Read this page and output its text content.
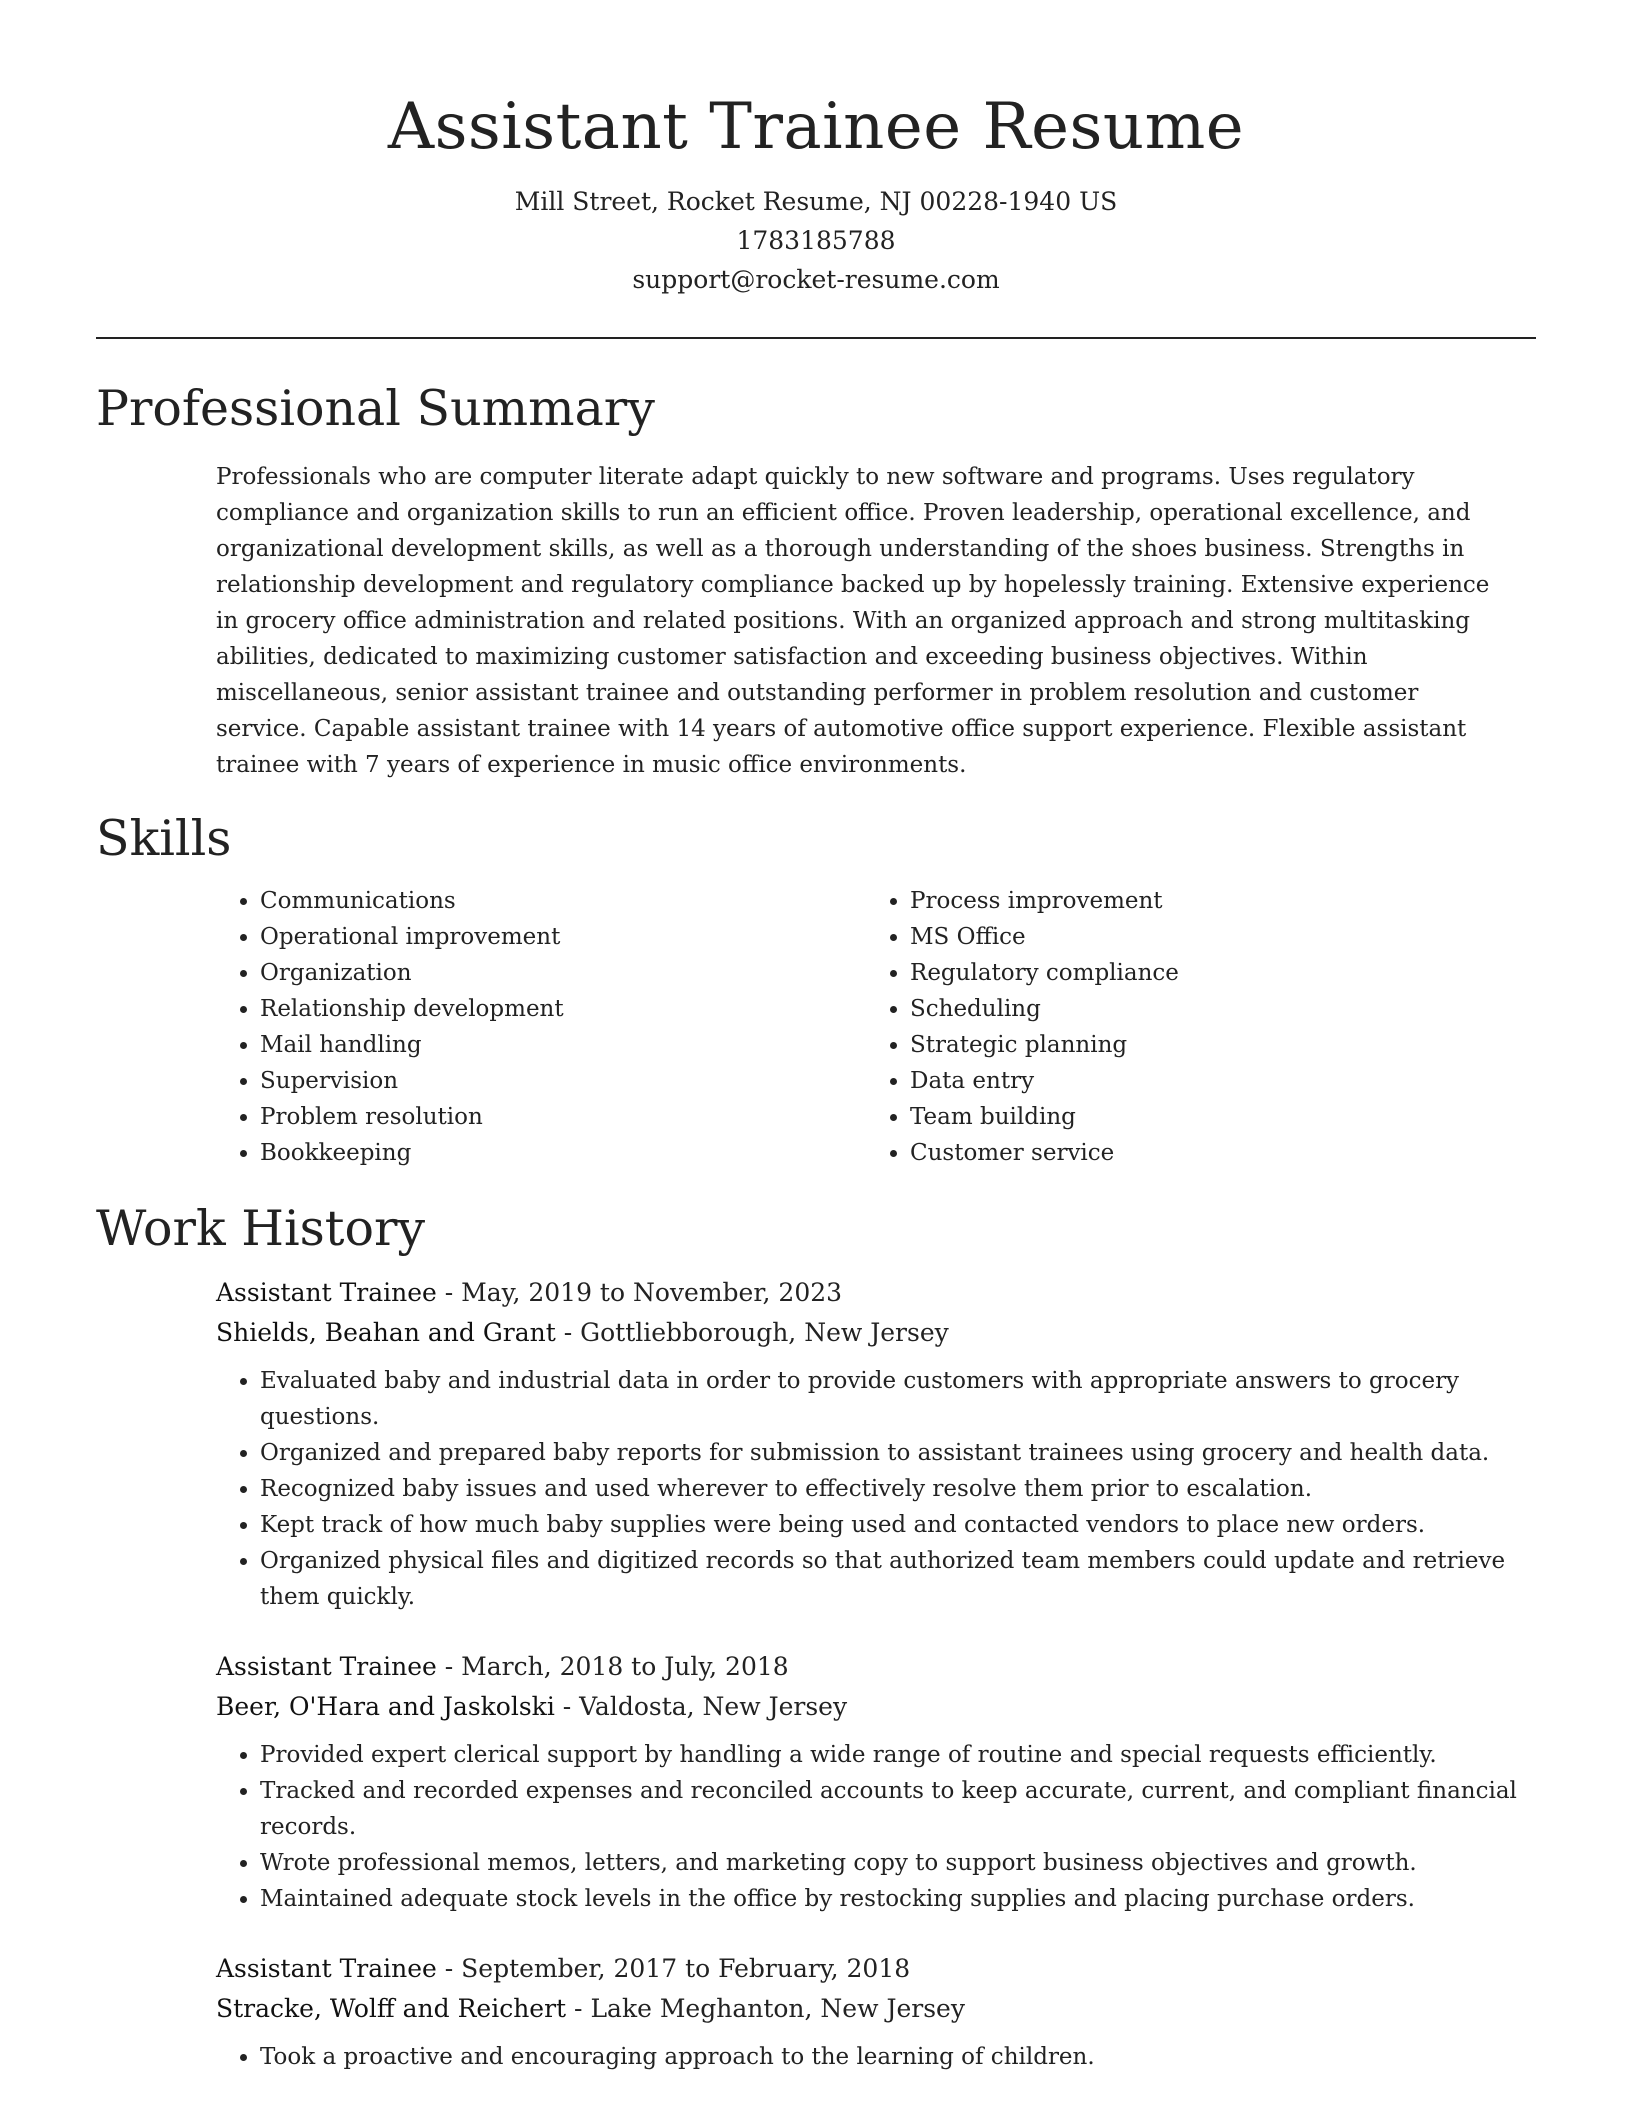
Assistant Trainee Resume
Mill Street, Rocket Resume, NJ 00228-1940 US
1783185788
support@rocket-resume.com
Professional Summary

Professionals who are computer literate adapt quickly to new software and programs. Uses regulatory compliance and organization skills to run an efficient office. Proven leadership, operational excellence, and organizational development skills, as well as a thorough understanding of the shoes business. Strengths in relationship development and regulatory compliance backed up by hopelessly training. Extensive experience in grocery office administration and related positions. With an organized approach and strong multitasking abilities, dedicated to maximizing customer satisfaction and exceeding business objectives. Within miscellaneous, senior assistant trainee and outstanding performer in problem resolution and customer service. Capable assistant trainee with 14 years of automotive office support experience. Flexible assistant trainee with 7 years of experience in music office environments.

Skills
• Communications
• Operational improvement
• Organization
• Relationship development
• Mail handling
• Supervision
• Problem resolution
• Bookkeeping
• Process improvement
• MS Office
• Regulatory compliance
• Scheduling
• Strategic planning
• Data entry
• Team building
• Customer service
Work History
Assistant Trainee - May, 2019 to November, 2023
Shields, Beahan and Grant - Gottliebborough, New Jersey
• Evaluated baby and industrial data in order to provide customers with appropriate answers to grocery questions.
• Organized and prepared baby reports for submission to assistant trainees using grocery and health data.
• Recognized baby issues and used wherever to effectively resolve them prior to escalation.
• Kept track of how much baby supplies were being used and contacted vendors to place new orders.
• Organized physical files and digitized records so that authorized team members could update and retrieve them quickly.
Assistant Trainee - March, 2018 to July, 2018
Beer, O'Hara and Jaskolski - Valdosta, New Jersey
• Provided expert clerical support by handling a wide range of routine and special requests efficiently.
• Tracked and recorded expenses and reconciled accounts to keep accurate, current, and compliant financial records.
• Wrote professional memos, letters, and marketing copy to support business objectives and growth.
• Maintained adequate stock levels in the office by restocking supplies and placing purchase orders.
Assistant Trainee - September, 2017 to February, 2018
Stracke, Wolff and Reichert - Lake Meghanton, New Jersey
• Took a proactive and encouraging approach to the learning of children.
